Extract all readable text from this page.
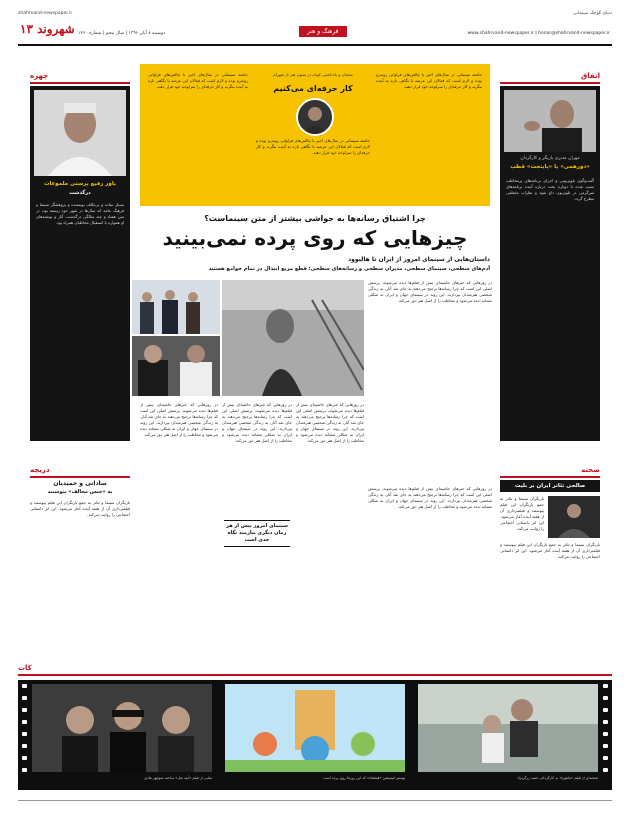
دنیای کوچک سینمایی
shahrvand-newspaper.ir
۱۳ شهروند دوشنبه ۸ آبان ۱۳۹۶ | سال پنجم | شماره ۱۲۶۰	فرهنگ و هنر	www.shahrvand-newspaper.ir | honar@shahrvand-newspaper.ir
چهره
یاور رفیع پرستی ملموعات
درگذشت
بسیار ساده و بی‌تکلف نویسنده و پژوهشگر سینما و فرهنگ عامه که سال‌ها در شهر خود زیسته بود، در سن هفتاد و چند سالگی درگذشت. آثار و نوشته‌های او همواره با استقبال مخاطبان همراه بود.
اتفاق
مهران مدیری بازیگر و کارگردان
«دورهمی» یا «پایتخت» قطب
گفت‌وگوی تلویزیونی و اجرای برنامه‌های پرمخاطب سبب شده تا دوباره بحث درباره آینده برنامه‌های سرگرمی در تلویزیون داغ شود و نظرات مختلفی مطرح گردد.
جامعه سینمایی در سال‌های اخیر با چالش‌های فراوانی روبه‌رو بوده و لازم است که فعالان این عرصه با نگاهی تازه به آینده بنگرند و کار حرفه‌ای را سرلوحه خود قرار دهند.
جامعه سینمایی در سال‌های اخیر با چالش‌های فراوانی روبه‌رو بوده و لازم است که فعالان این عرصه با نگاهی تازه به آینده بنگرند و کار حرفه‌ای را سرلوحه خود قرار دهند.
سخنان و یادداشتی کوتاه در ستون هنر از شهرام
کار حرفه‌ای می‌کنیم
جامعه سینمایی در سال‌های اخیر با چالش‌های فراوانی روبه‌رو بوده و لازم است که فعالان این عرصه با نگاهی تازه به آینده بنگرند و کار حرفه‌ای را سرلوحه خود قرار دهند.
چرا اشتیاق رسانه‌ها به حواشی بیشتر از متن سینماست؟
چیزهایی که روی پرده نمی‌بینید
داستان‌هایی از سینمای امروز از ایران تا هالیوود
آدم‌های سطحی، سینمای سطحی، مدیران سطحی و رسانه‌های سطحی؛ قطع مربع ابتذال در تمام جوامع هستند
در روزهایی که خبرهای حاشیه‌ای بیش از فیلم‌ها دیده می‌شوند، پرسش اصلی این است که چرا رسانه‌ها ترجیح می‌دهند به جای نقد آثار، به زندگی شخصی هنرمندان بپردازند. این روند در سینمای جهان و ایران به شکلی مشابه دیده می‌شود و مخاطب را از اصل هنر دور می‌کند.
در روزهایی که خبرهای حاشیه‌ای بیش از فیلم‌ها دیده می‌شوند، پرسش اصلی این است که چرا رسانه‌ها ترجیح می‌دهند به جای نقد آثار، به زندگی شخصی هنرمندان بپردازند. این روند در سینمای جهان و ایران به شکلی مشابه دیده می‌شود و مخاطب را از اصل هنر دور می‌کند.
در روزهایی که خبرهای حاشیه‌ای بیش از فیلم‌ها دیده می‌شوند، پرسش اصلی این است که چرا رسانه‌ها ترجیح می‌دهند به جای نقد آثار، به زندگی شخصی هنرمندان بپردازند. این روند در سینمای جهان و ایران به شکلی مشابه دیده می‌شود و مخاطب را از اصل هنر دور می‌کند.
در روزهایی که خبرهای حاشیه‌ای بیش از فیلم‌ها دیده می‌شوند، پرسش اصلی این است که چرا رسانه‌ها ترجیح می‌دهند به جای نقد آثار، به زندگی شخصی هنرمندان بپردازند. این روند در سینمای جهان و ایران به شکلی مشابه دیده می‌شود و مخاطب را از اصل هنر دور می‌کند.
در روزهایی که خبرهای حاشیه‌ای بیش از فیلم‌ها دیده می‌شوند، پرسش اصلی این است که چرا رسانه‌ها ترجیح می‌دهند به جای نقد آثار، به زندگی شخصی هنرمندان بپردازند. این روند در سینمای جهان و ایران به شکلی مشابه دیده می‌شود و مخاطب را از اصل هنر دور می‌کند.
سینمای امروز بیش از هر زمان دیگری نیازمند نگاه جدی است
دریچه
ساداتی و حمیدیان
به «جنس مخالف» پیوستند
بازیگران سینما و تئاتر به جمع بازیگران این فیلم پیوستند و فیلمبرداری آن از هفته آینده آغاز می‌شود. این اثر داستانی اجتماعی را روایت می‌کند.
صحنه
صالحی تئاتر ایران بر بلیت
بازیگران سینما و تئاتر به جمع بازیگران این فیلم پیوستند و فیلمبرداری آن از هفته آینده آغاز می‌شود. این اثر داستانی اجتماعی را روایت می‌کند.
بازیگران سینما و تئاتر به جمع بازیگران این فیلم پیوستند و فیلمبرداری آن از هفته آینده آغاز می‌شود. این اثر داستانی اجتماعی را روایت می‌کند.
کات
نمایی از فیلم «آینه بغل» ساخته منوچهر هادی	پوستر انیمیشن «فیلشاه» که این روزها روی پرده است	صحنه‌ای از فیلم «ماهورا» به کارگردانی حمید زرگرنژاد
